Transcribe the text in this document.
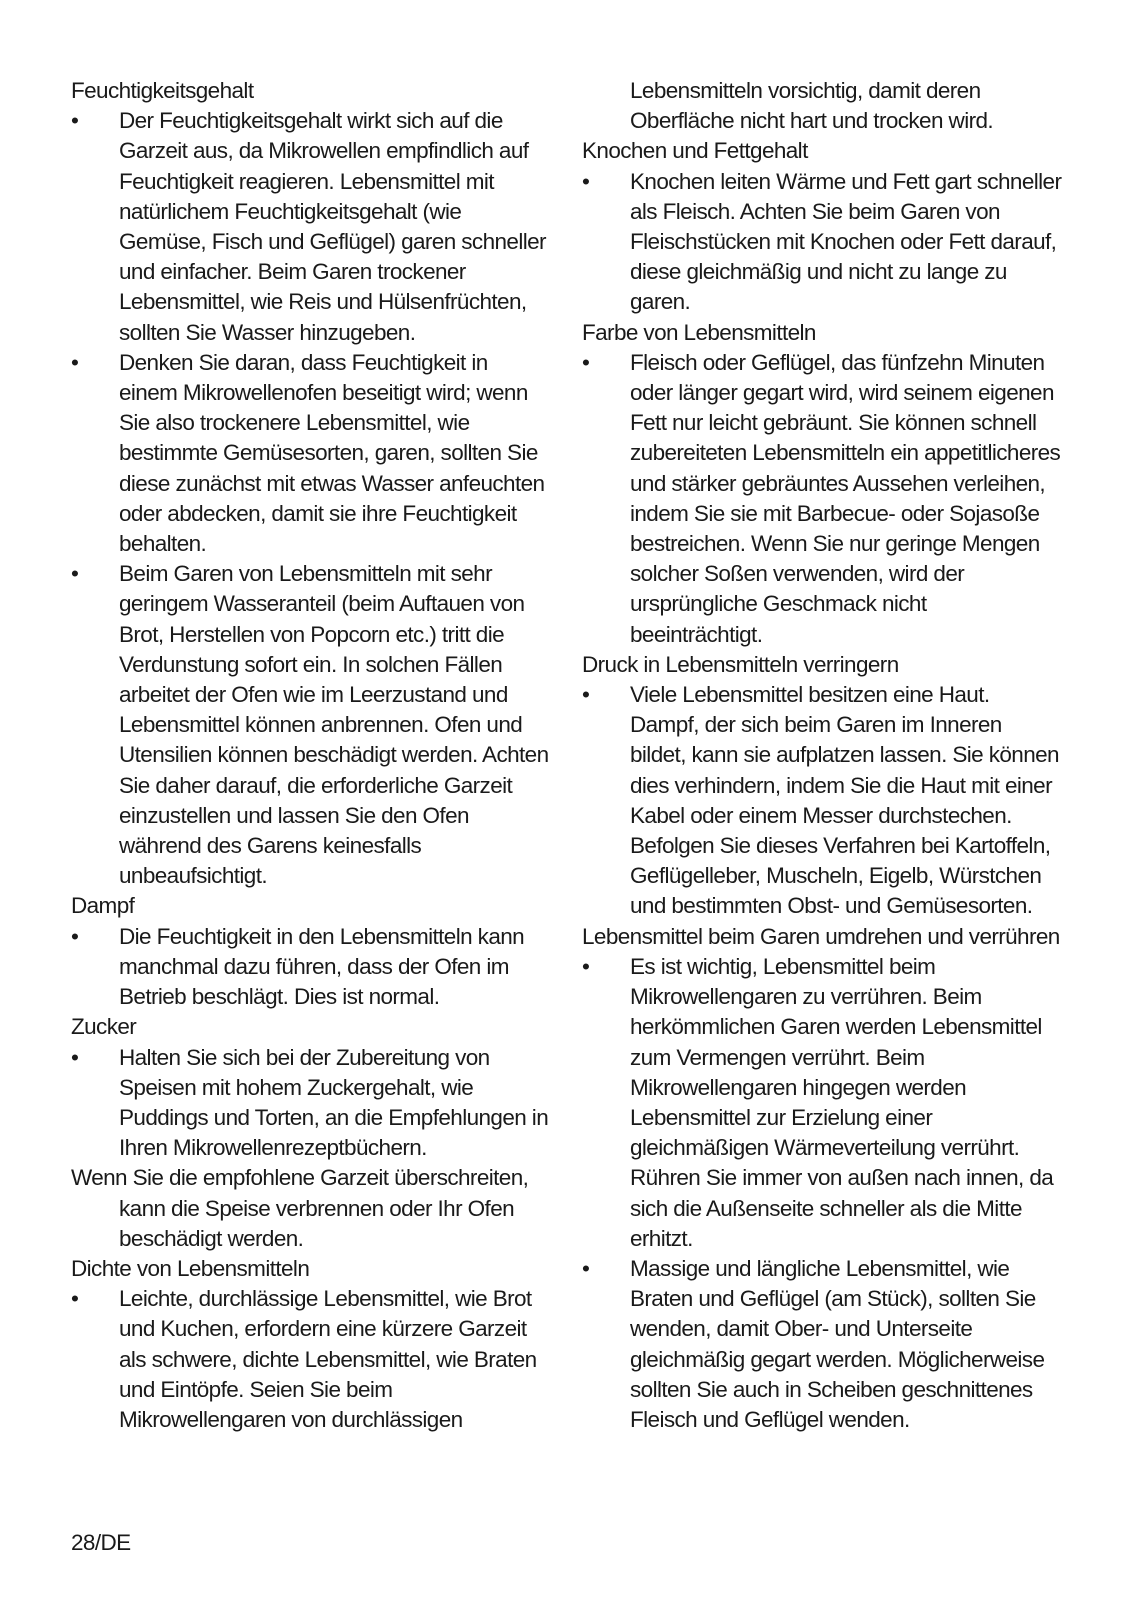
Feuchtigkeitsgehalt

•	Der Feuchtigkeitsgehalt wirkt sich auf die Garzeit aus, da Mikrowellen empfindlich auf Feuchtigkeit reagieren. Lebensmittel mit natürlichem Feuchtigkeitsgehalt (wie Gemüse, Fisch und Geflügel) garen schneller und einfacher. Beim Garen trockener Lebensmittel, wie Reis und Hülsenfrüchten, sollten Sie Wasser hinzugeben.
•	Denken Sie daran, dass Feuchtigkeit in einem Mikrowellenofen beseitigt wird; wenn Sie also trockenere Lebensmittel, wie bestimmte Gemüsesorten, garen, sollten Sie diese zunächst mit etwas Wasser anfeuchten oder abdecken, damit sie ihre Feuchtigkeit behalten.
•	Beim Garen von Lebensmitteln mit sehr geringem Wasseranteil (beim Auftauen von Brot, Herstellen von Popcorn etc.) tritt die Verdunstung sofort ein. In solchen Fällen arbeitet der Ofen wie im Leerzustand und Lebensmittel können anbrennen. Ofen und Utensilien können beschädigt werden. Achten Sie daher darauf, die erforderliche Garzeit einzustellen und lassen Sie den Ofen während des Garens keinesfalls unbeaufsichtigt.

Dampf

•	Die Feuchtigkeit in den Lebensmitteln kann manchmal dazu führen, dass der Ofen im Betrieb beschlägt. Dies ist normal.

Zucker

•	Halten Sie sich bei der Zubereitung von Speisen mit hohem Zuckergehalt, wie Puddings und Torten, an die Empfehlungen in Ihren Mikrowellenrezeptbüchern.

Wenn Sie die empfohlene Garzeit überschreiten, kann die Speise verbrennen oder Ihr Ofen beschädigt werden.

Dichte von Lebensmitteln

•	Leichte, durchlässige Lebensmittel, wie Brot und Kuchen, erfordern eine kürzere Garzeit als schwere, dichte Lebensmittel, wie Braten und Eintöpfe. Seien Sie beim Mikrowellengaren von durchlässigen

Lebensmitteln vorsichtig, damit deren Oberfläche nicht hart und trocken wird.

Knochen und Fettgehalt

•	Knochen leiten Wärme und Fett gart schneller als Fleisch. Achten Sie beim Garen von Fleischstücken mit Knochen oder Fett darauf, diese gleichmäßig und nicht zu lange zu garen.

Farbe von Lebensmitteln

•	Fleisch oder Geflügel, das fünfzehn Minuten oder länger gegart wird, wird seinem eigenen Fett nur leicht gebräunt. Sie können schnell zubereiteten Lebensmitteln ein appetitlicheres und stärker gebräuntes Aussehen verleihen, indem Sie sie mit Barbecue- oder Sojasoße bestreichen. Wenn Sie nur geringe Mengen solcher Soßen verwenden, wird der ursprüngliche Geschmack nicht beeinträchtigt.

Druck in Lebensmitteln verringern

•	Viele Lebensmittel besitzen eine Haut. Dampf, der sich beim Garen im Inneren bildet, kann sie aufplatzen lassen. Sie können dies verhindern, indem Sie die Haut mit einer Kabel oder einem Messer durchstechen. Befolgen Sie dieses Verfahren bei Kartoffeln, Geflügelleber, Muscheln, Eigelb, Würstchen und bestimmten Obst- und Gemüsesorten.

Lebensmittel beim Garen umdrehen und verrühren

•	Es ist wichtig, Lebensmittel beim Mikrowellengaren zu verrühren. Beim herkömmlichen Garen werden Lebensmittel zum Vermengen verrührt. Beim Mikrowellengaren hingegen werden Lebensmittel zur Erzielung einer gleichmäßigen Wärmeverteilung verrührt. Rühren Sie immer von außen nach innen, da sich die Außenseite schneller als die Mitte erhitzt.
•	Massige und längliche Lebensmittel, wie Braten und Geflügel (am Stück), sollten Sie wenden, damit Ober- und Unterseite gleichmäßig gegart werden. Möglicherweise sollten Sie auch in Scheiben geschnittenes Fleisch und Geflügel wenden.
28/DE
